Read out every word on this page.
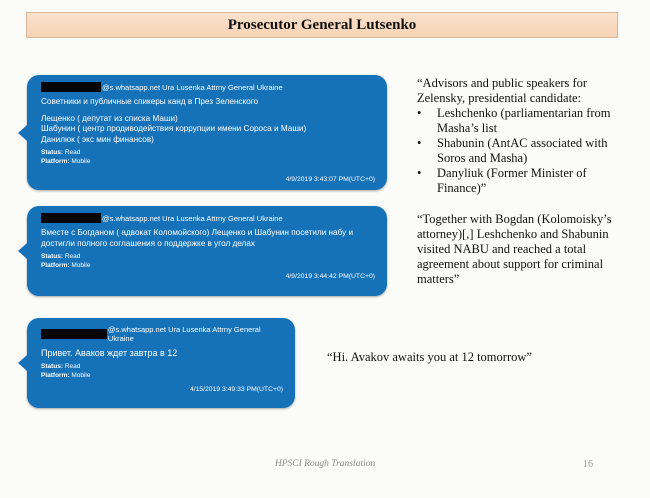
Prosecutor General Lutsenko
@s.whatsapp.net Ura Lusenka Attrny General Ukraine
Советники и публичные спикеры канд в През Зеленского
Лещенко ( депутат из списка Маши)
Шабунин ( центр продиводействия коррупции имени Сороса и Маши)
Данилюк ( экс мин финансов)
Status: Read
Platform: Mobile
4/9/2019 3:43:07 PM(UTC+0)
@s.whatsapp.net Ura Lusenka Attrny General Ukraine
Вместе с Богданом ( адвокат Коломойского) Лещенко и Шабунин посетили набу и
достигли полного соглашения о поддержке в угол делах
Status: Read
Platform: Mobile
4/9/2019 3:44:42 PM(UTC+0)
@s.whatsapp.net Ura Lusenka Attrny General Ukraine
Привет. Аваков ждет завтра в 12
Status: Read
Platform: Mobile
4/15/2019 3:49:33 PM(UTC+0)
“Advisors and public speakers for Zelensky, presidential candidate:
• Leshchenko (parliamentarian from Masha’s list
• Shabunin (AntAC associated with Soros and Masha)
• Danyliuk (Former Minister of Finance)”
“Together with Bogdan (Kolomoisky’s attorney)[,] Leshchenko and Shabunin visited NABU and reached a total agreement about support for criminal matters”
“Hi. Avakov awaits you at 12 tomorrow”
HPSCI Rough Translation	16
